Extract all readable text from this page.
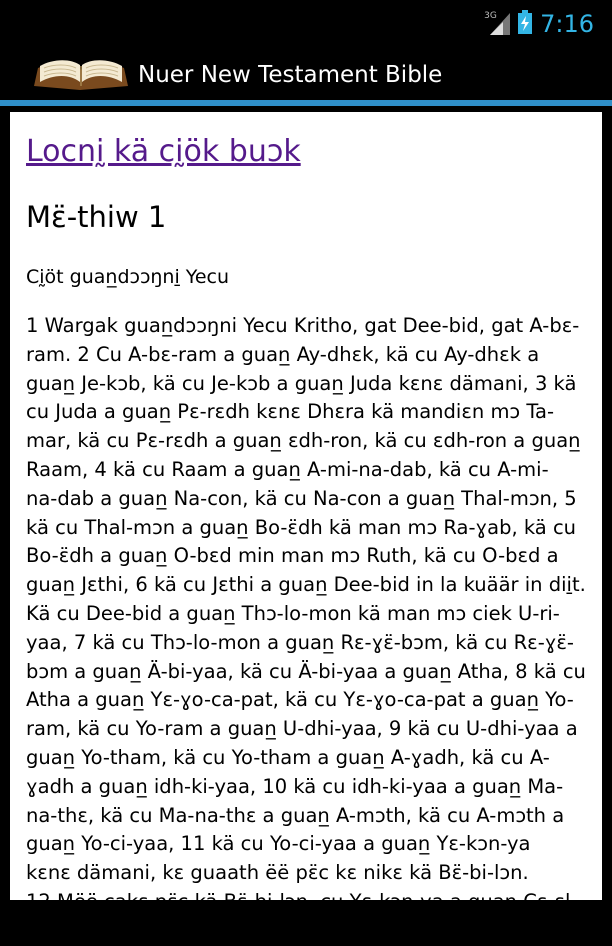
3G 7:16
Nuer New Testament Bible
Locnḭ kä cḭök buɔk
Mɛ̈-thiw 1
Cḭöt guan̲dɔɔŋni̱ Yecu
1 Wargak guan̲dɔɔŋni Yecu Kritho, gat Dee-bid, gat A-bɛ-
ram. 2 Cu A-bɛ-ram a guan̲ Ay-dhɛk, kä cu Ay-dhɛk a
guan̲ Je-kɔb, kä cu Je-kɔb a guan̲ Juda kɛnɛ dämani, 3 kä
cu Juda a guan̲ Pɛ-rɛdh kɛnɛ Dhɛra kä mandiɛn mɔ Ta-
mar, kä cu Pɛ-rɛdh a guan̲ ɛdh-ron, kä cu ɛdh-ron a guan̲
Raam, 4 kä cu Raam a guan̲ A-mi-na-dab, kä cu A-mi-
na-dab a guan̲ Na-con, kä cu Na-con a guan̲ Thal-mɔn, 5
kä cu Thal-mɔn a guan̲ Bo-ɛ̈dh kä man mɔ Ra-ɣab, kä cu
Bo-ɛ̈dh a guan̲ O-bɛd min man mɔ Ruth, kä cu O-bɛd a
guan̲ Jɛthi, 6 kä cu Jɛthi a guan̲ Dee-bid in la kuäär in dii̱t.
Kä cu Dee-bid a guan̲ Thɔ-lo-mon kä man mɔ ciek U-ri-
yaa, 7 kä cu Thɔ-lo-mon a guan̲ Rɛ-ɣɛ̈-bɔm, kä cu Rɛ-ɣɛ̈-
bɔm a guan̲ Ä-bi-yaa, kä cu Ä-bi-yaa a guan̲ Atha, 8 kä cu
Atha a guan̲ Yɛ-ɣo-ca-pat, kä cu Yɛ-ɣo-ca-pat a guan̲ Yo-
ram, kä cu Yo-ram a guan̲ U-dhi-yaa, 9 kä cu U-dhi-yaa a
guan̲ Yo-tham, kä cu Yo-tham a guan̲ A-ɣadh, kä cu A-
ɣadh a guan̲ idh-ki-yaa, 10 kä cu idh-ki-yaa a guan̲ Ma-
na-thɛ, kä cu Ma-na-thɛ a guan̲ A-mɔth, kä cu A-mɔth a
guan̲ Yo-ci-yaa, 11 kä cu Yo-ci-yaa a guan̲ Yɛ-kɔn-ya
kɛnɛ dämani, kɛ guaath ëë pɛ̈c kɛ nikɛ kä Bɛ̈-bi-lɔn.
12 Mëë cakɛ pɛ̈c kä Bɛ̈-bi-lɔn, cu Yɛ-kɔn-ya a guan̲ Cɛ-ɛl-
ti-el, kä cu Cɛ-ɛl-ti-el a guan̲ Dhɛ-ru-ba-bɛl, 13 kä cu
